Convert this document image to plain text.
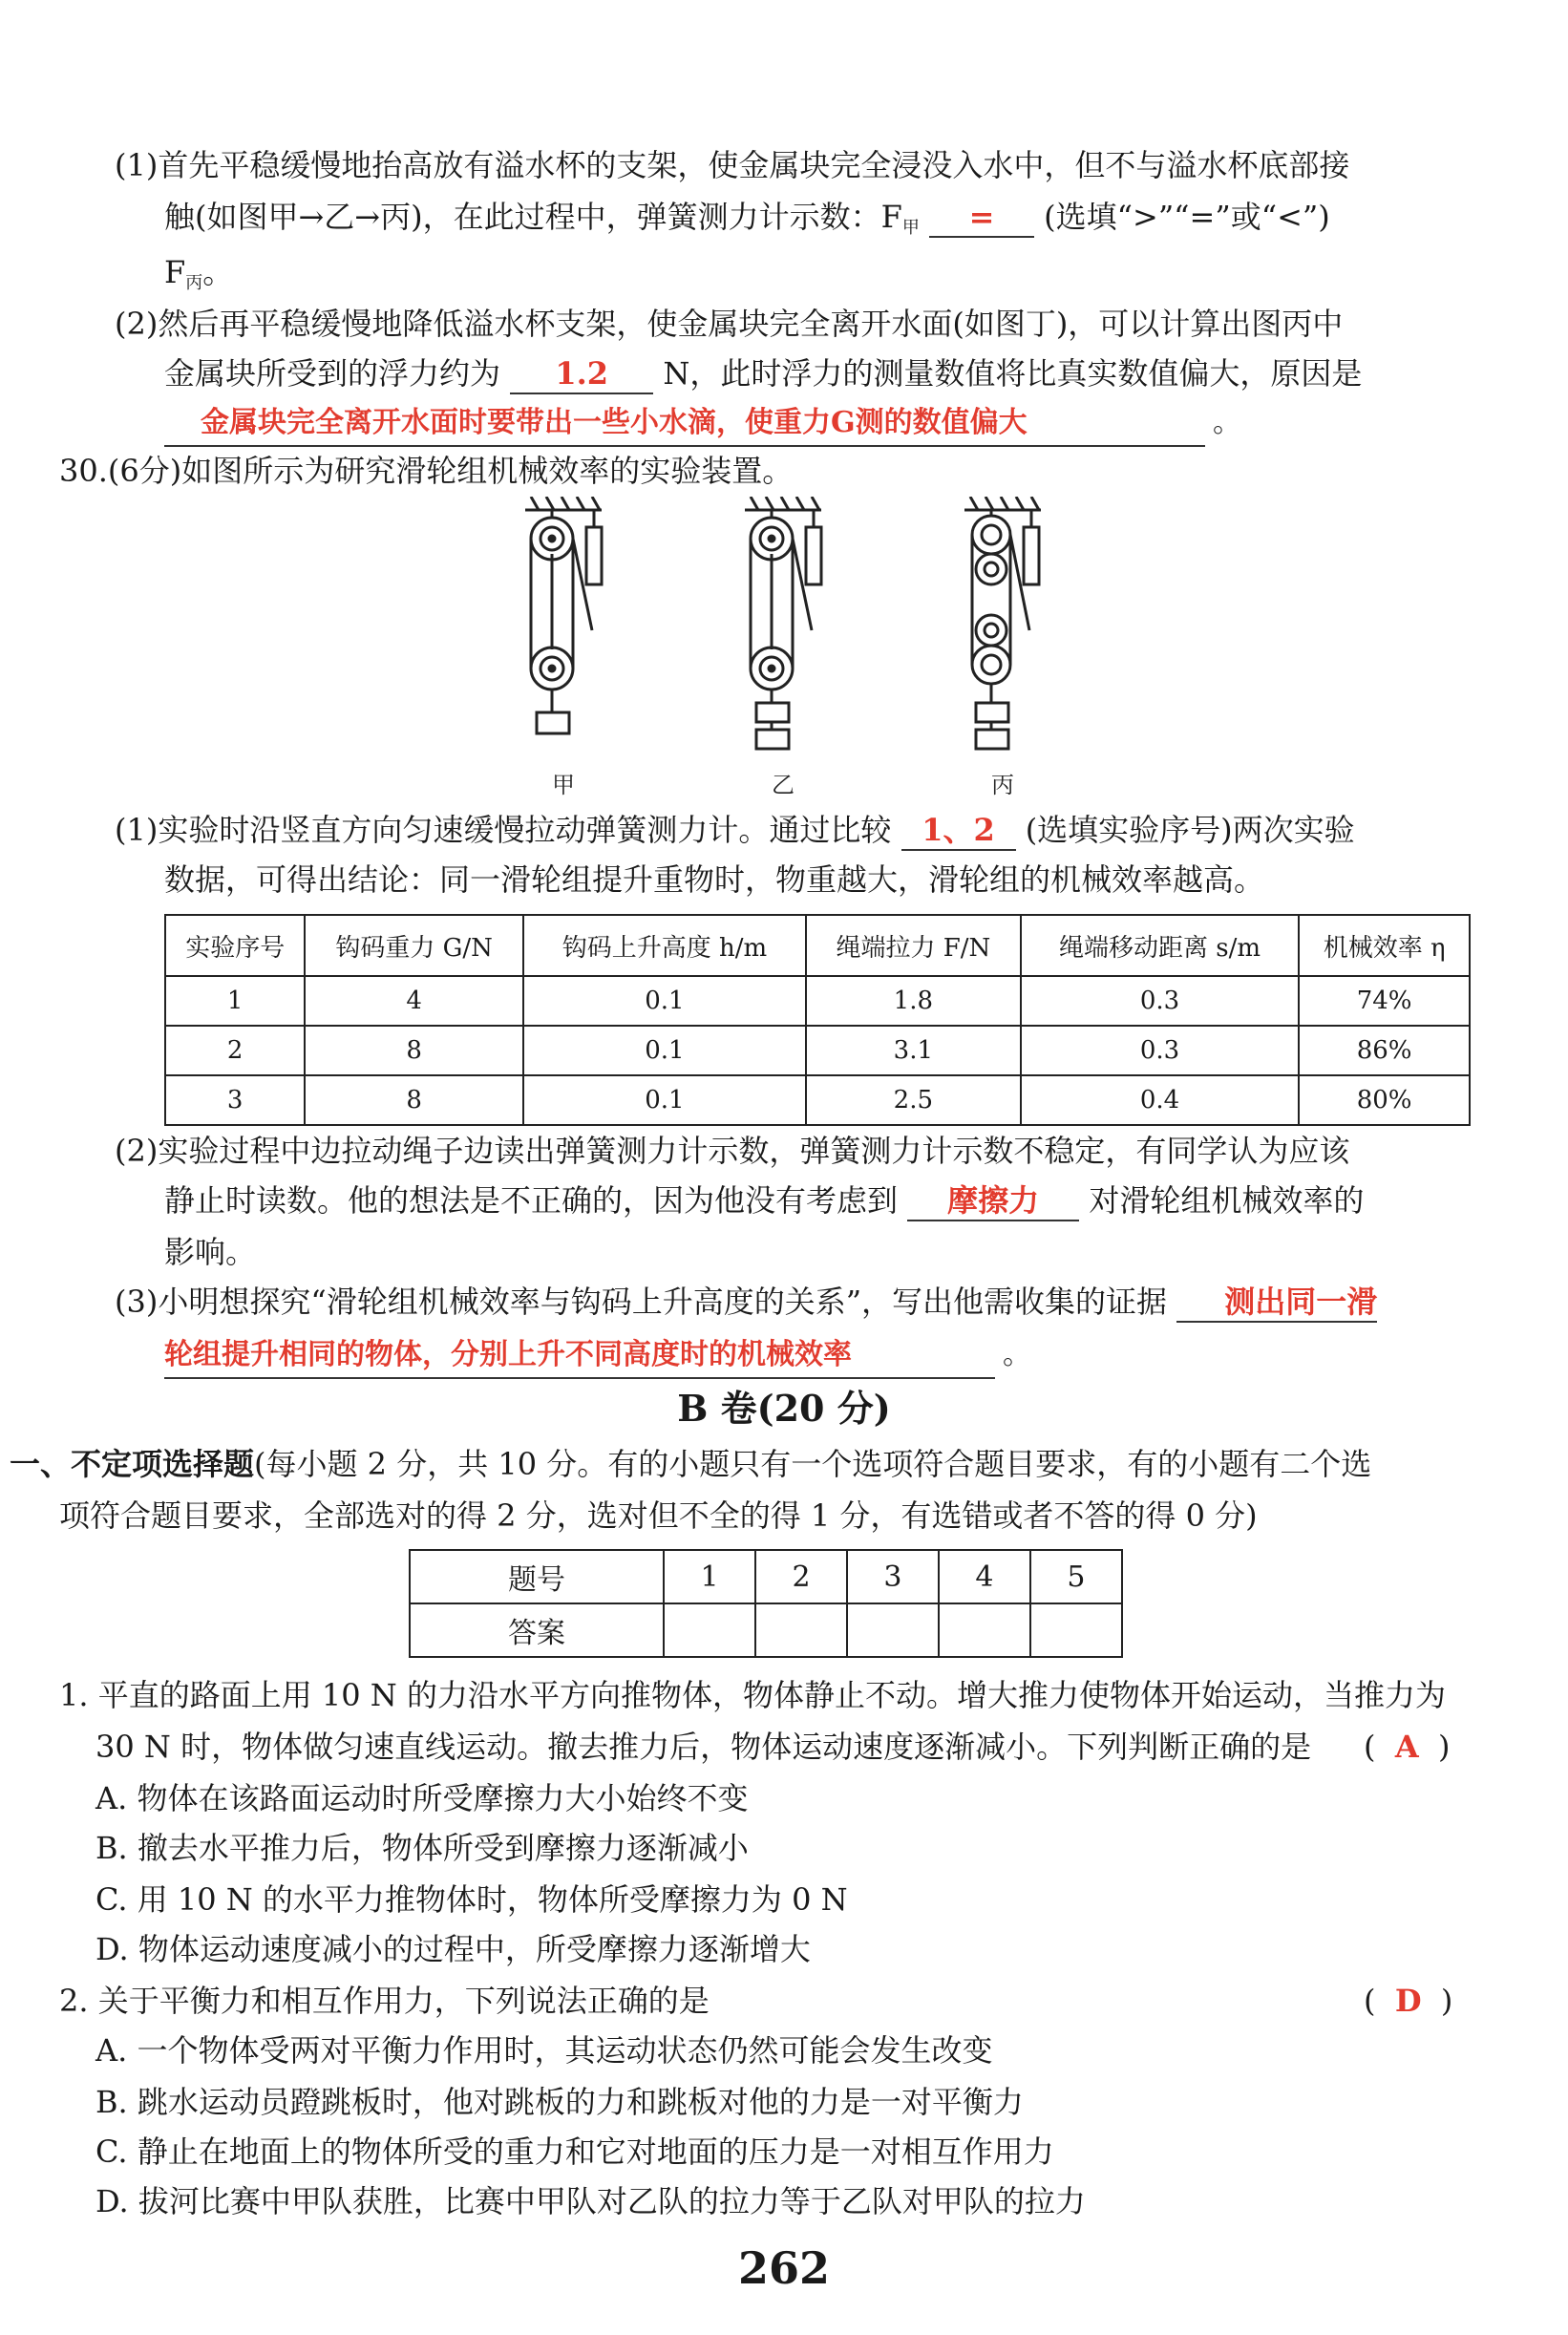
(1)首先平稳缓慢地抬高放有溢水杯的支架，使金属块完全浸没入水中，但不与溢水杯底部接
触(如图甲→乙→丙)，在此过程中，弹簧测力计示数：$F_甲$ = (选填“>”“=”或“<”)
$F_丙$。
(2)然后再平稳缓慢地降低溢水杯支架，使金属块完全离开水面(如图丁)，可以计算出图丙中
金属块所受到的浮力约为 1.2 N，此时浮力的测量数值将比真实数值偏大，原因是
金属块完全离开水面时要带出一些小水滴，使重力G测的数值偏大	。
30.(6分)如图所示为研究滑轮组机械效率的实验装置。
甲	乙	丙
(1)实验时沿竖直方向匀速缓慢拉动弹簧测力计。通过比较 1、2 (选填实验序号)两次实验
数据，可得出结论：同一滑轮组提升重物时，物重越大，滑轮组的机械效率越高。
实验序号	钩码重力 G/N	钩码上升高度 h/m	绳端拉力 F/N	绳端移动距离 s/m	机械效率 η
1	4	0.1	1.8	0.3	74%
2	8	0.1	3.1	0.3	86%
3	8	0.1	2.5	0.4	80%
(2)实验过程中边拉动绳子边读出弹簧测力计示数，弹簧测力计示数不稳定，有同学认为应该
静止时读数。他的想法是不正确的，因为他没有考虑到 摩擦力 对滑轮组机械效率的
影响。
(3)小明想探究“滑轮组机械效率与钩码上升高度的关系”，写出他需收集的证据 测出同一滑
轮组提升相同的物体，分别上升不同高度时的机械效率	。
B 卷(20 分)
一、不定项选择题(每小题 2 分，共 10 分。有的小题只有一个选项符合题目要求，有的小题有二个选
项符合题目要求，全部选对的得 2 分，选对但不全的得 1 分，有选错或者不答的得 0 分)
题号	1	2	3	4	5
答案					
1. 平直的路面上用 10 N 的力沿水平方向推物体，物体静止不动。增大推力使物体开始运动，当推力为
30 N 时，物体做匀速直线运动。撤去推力后，物体运动速度逐渐减小。下列判断正确的是 (  A  )
A. 物体在该路面运动时所受摩擦力大小始终不变
B. 撤去水平推力后，物体所受到摩擦力逐渐减小
C. 用 10 N 的水平力推物体时，物体所受摩擦力为 0 N
D. 物体运动速度减小的过程中，所受摩擦力逐渐增大
2. 关于平衡力和相互作用力，下列说法正确的是	(  D  )
A. 一个物体受两对平衡力作用时，其运动状态仍然可能会发生改变
B. 跳水运动员蹬跳板时，他对跳板的力和跳板对他的力是一对平衡力
C. 静止在地面上的物体所受的重力和它对地面的压力是一对相互作用力
D. 拔河比赛中甲队获胜，比赛中甲队对乙队的拉力等于乙队对甲队的拉力
262
